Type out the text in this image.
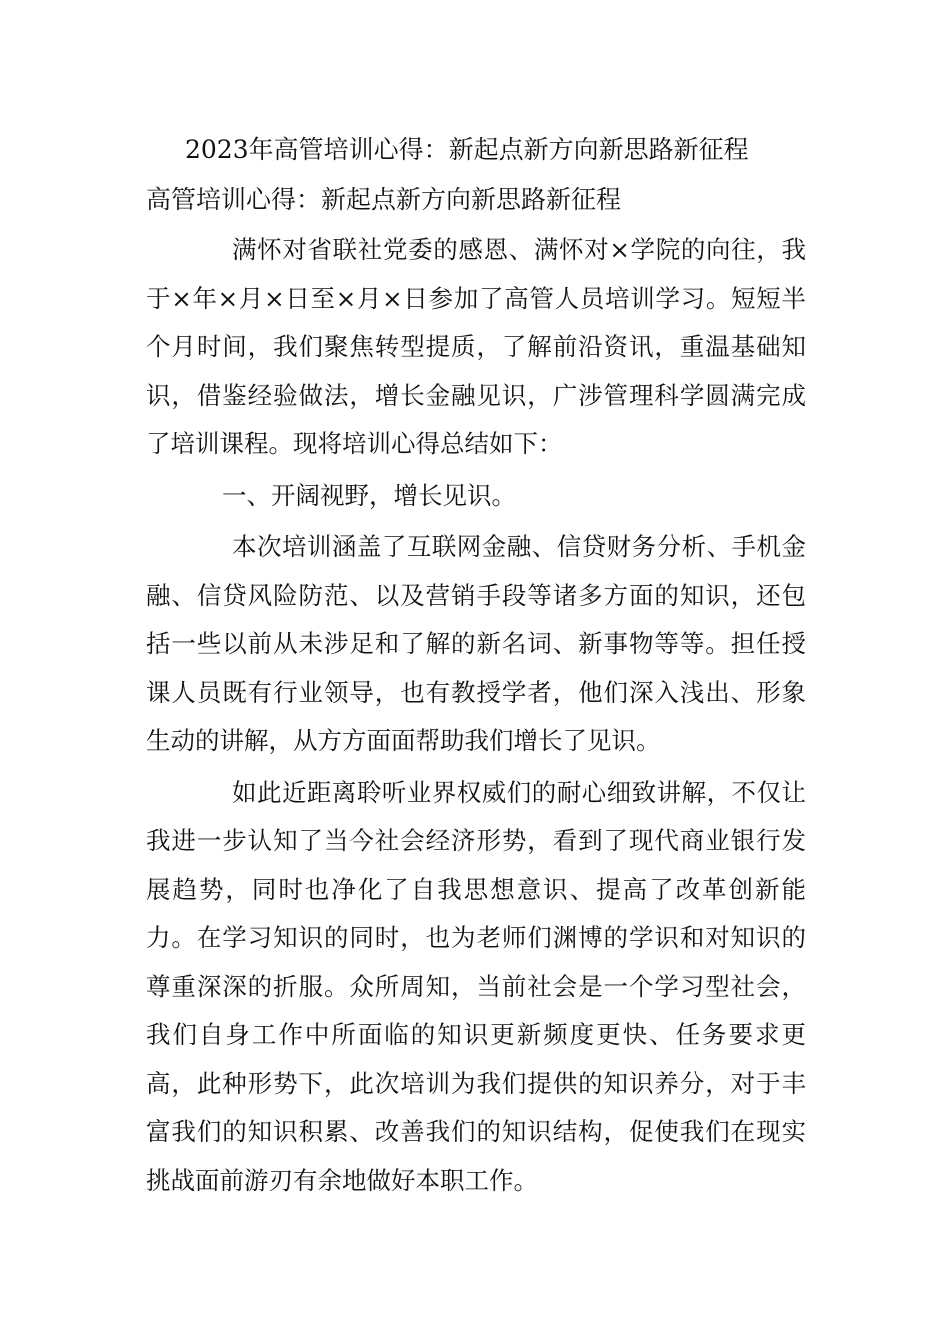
2023年高管培训心得：新起点新方向新思路新征程
高管培训心得：新起点新方向新思路新征程

满怀对省联社党委的感恩、满怀对×学院的向往，我于×年×月×日至×月×日参加了高管人员培训学习。短短半个月时间，我们聚焦转型提质，了解前沿资讯，重温基础知识，借鉴经验做法，增长金融见识，广涉管理科学圆满完成了培训课程。现将培训心得总结如下：

一、开阔视野，增长见识。

本次培训涵盖了互联网金融、信贷财务分析、手机金融、信贷风险防范、以及营销手段等诸多方面的知识，还包括一些以前从未涉足和了解的新名词、新事物等等。担任授课人员既有行业领导，也有教授学者，他们深入浅出、形象生动的讲解，从方方面面帮助我们增长了见识。

如此近距离聆听业界权威们的耐心细致讲解，不仅让我进一步认知了当今社会经济形势，看到了现代商业银行发展趋势，同时也净化了自我思想意识、提高了改革创新能力。在学习知识的同时，也为老师们渊博的学识和对知识的尊重深深的折服。众所周知，当前社会是一个学习型社会，我们自身工作中所面临的知识更新频度更快、任务要求更高，此种形势下，此次培训为我们提供的知识养分，对于丰富我们的知识积累、改善我们的知识结构，促使我们在现实挑战面前游刃有余地做好本职工作。
